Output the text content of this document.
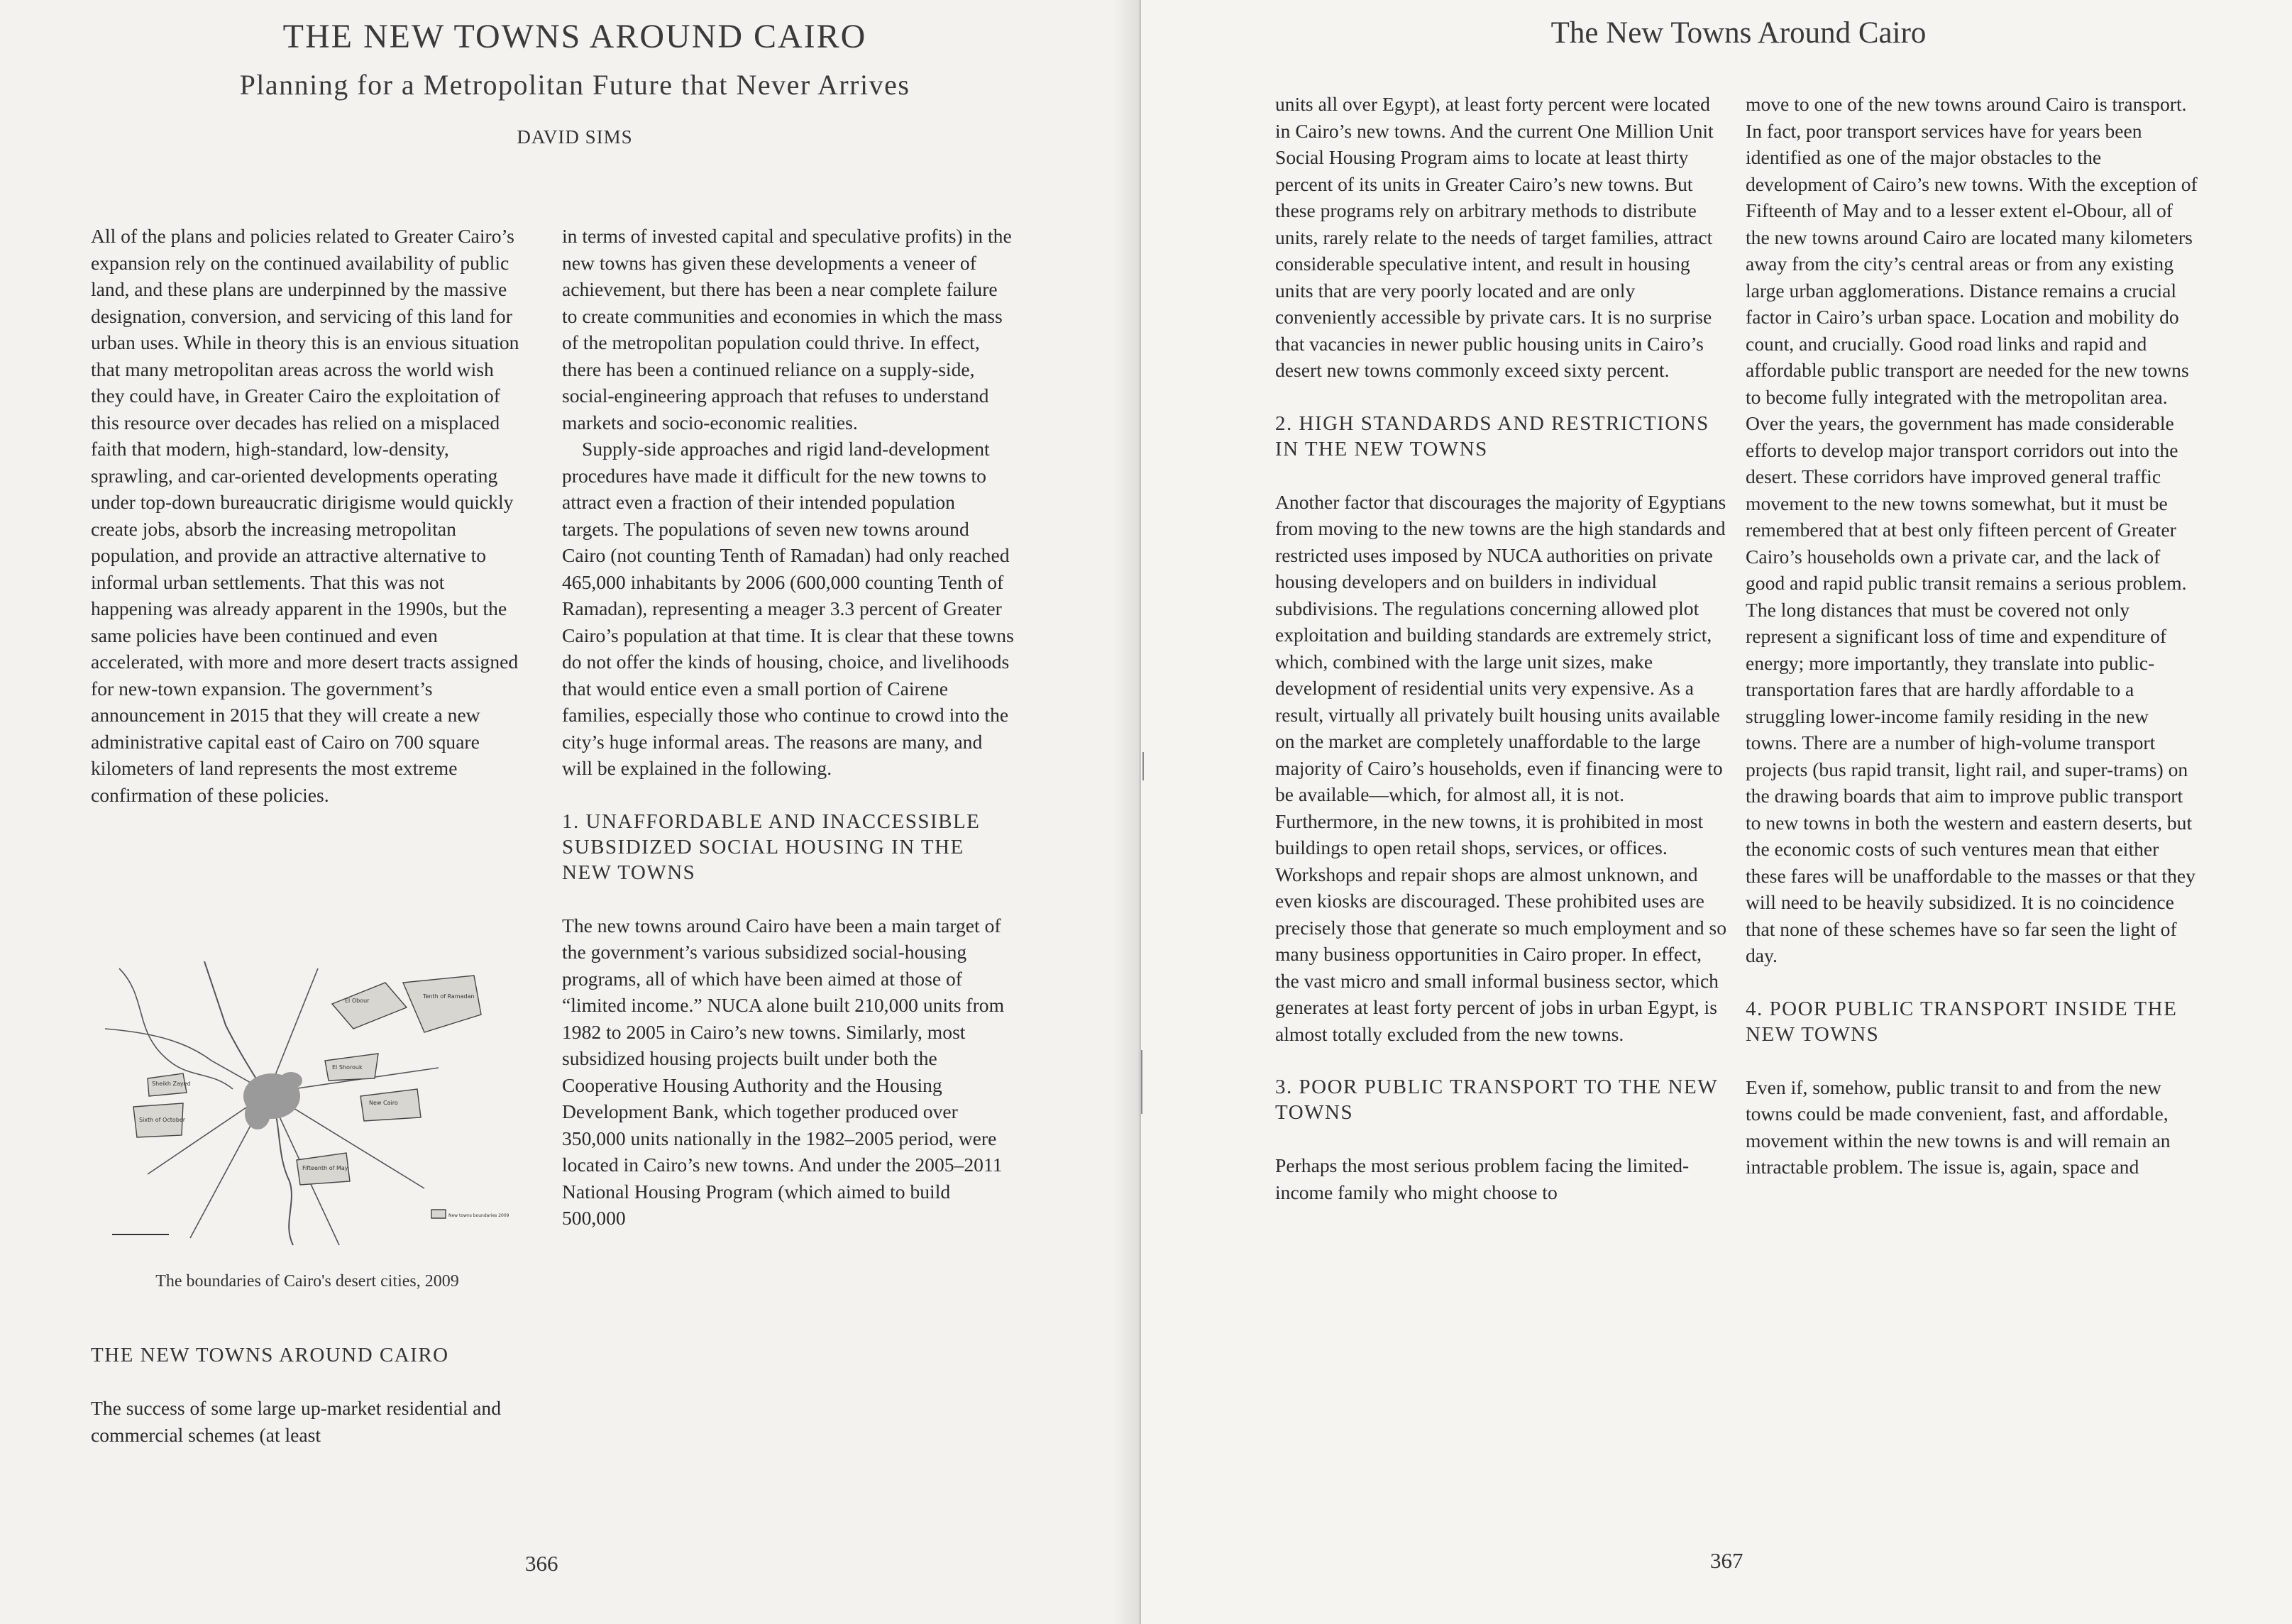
THE NEW TOWNS AROUND CAIRO
Planning for a Metropolitan Future that Never Arrives
DAVID SIMS

All of the plans and policies related to Greater Cairo’s expansion rely on the continued availability of public land, and these plans are underpinned by the massive designation, conversion, and servicing of this land for urban uses. While in theory this is an envious situation that many metropolitan areas across the world wish they could have, in Greater Cairo the exploitation of this resource over decades has relied on a misplaced faith that modern, high-standard, low-density, sprawling, and car-oriented developments operating under top-down bureaucratic dirigisme would quickly create jobs, absorb the increasing metropolitan population, and provide an attractive alternative to informal urban settlements. That this was not happening was already apparent in the 1990s, but the same policies have been continued and even accelerated, with more and more desert tracts assigned for new-town expansion. The government’s announcement in 2015 that they will create a new administrative capital east of Cairo on 700 square kilometers of land represents the most extreme confirmation of these policies.

Tenth of Ramadan
El Obour
El Shorouk
New Cairo
Sheikh Zayed
Sixth of October
Fifteenth of May
New towns boundaries 2009
The boundaries of Cairo's desert cities, 2009
THE NEW TOWNS AROUND CAIRO

The success of some large up-market residential and commercial schemes (at least

in terms of invested capital and speculative profits) in the new towns has given these developments a veneer of achievement, but there has been a near complete failure to create communities and economies in which the mass of the metropolitan population could thrive. In effect, there has been a continued reliance on a supply-side, social-engineering approach that refuses to understand markets and socio-economic realities.

Supply-side approaches and rigid land-development procedures have made it difficult for the new towns to attract even a fraction of their intended population targets. The populations of seven new towns around Cairo (not counting Tenth of Ramadan) had only reached 465,000 inhabitants by 2006 (600,000 counting Tenth of Ramadan), representing a meager 3.3 percent of Greater Cairo’s population at that time. It is clear that these towns do not offer the kinds of housing, choice, and livelihoods that would entice even a small portion of Cairene families, especially those who continue to crowd into the city’s huge informal areas. The reasons are many, and will be explained in the following.

1. UNAFFORDABLE AND INACCESSIBLE SUBSIDIZED SOCIAL HOUSING IN THE NEW TOWNS

The new towns around Cairo have been a main target of the government’s various subsidized social-housing programs, all of which have been aimed at those of “limited income.” NUCA alone built 210,000 units from 1982 to 2005 in Cairo’s new towns. Similarly, most subsidized housing projects built under both the Cooperative Housing Authority and the Housing Development Bank, which together produced over 350,000 units nationally in the 1982–2005 period, were located in Cairo’s new towns. And under the 2005–2011 National Housing Program (which aimed to build 500,000

366
The New Towns Around Cairo

units all over Egypt), at least forty percent were located in Cairo’s new towns. And the current One Million Unit Social Housing Program aims to locate at least thirty percent of its units in Greater Cairo’s new towns. But these programs rely on arbitrary methods to distribute units, rarely relate to the needs of target families, attract considerable speculative intent, and result in housing units that are very poorly located and are only conveniently accessible by private cars. It is no surprise that vacancies in newer public housing units in Cairo’s desert new towns commonly exceed sixty percent.

2. HIGH STANDARDS AND RESTRICTIONS IN THE NEW TOWNS

Another factor that discourages the majority of Egyptians from moving to the new towns are the high standards and restricted uses imposed by NUCA authorities on private housing developers and on builders in individual subdivisions. The regulations concerning allowed plot exploitation and building standards are extremely strict, which, combined with the large unit sizes, make development of residential units very expensive. As a result, virtually all privately built housing units available on the market are completely unaffordable to the large majority of Cairo’s households, even if financing were to be available—which, for almost all, it is not. Furthermore, in the new towns, it is prohibited in most buildings to open retail shops, services, or offices. Workshops and repair shops are almost unknown, and even kiosks are discouraged. These prohibited uses are precisely those that generate so much employment and so many business opportunities in Cairo proper. In effect, the vast micro and small informal business sector, which generates at least forty percent of jobs in urban Egypt, is almost totally excluded from the new towns.

3. POOR PUBLIC TRANSPORT TO THE NEW TOWNS

Perhaps the most serious problem facing the limited-income family who might choose to

move to one of the new towns around Cairo is transport. In fact, poor transport services have for years been identified as one of the major obstacles to the development of Cairo’s new towns. With the exception of Fifteenth of May and to a lesser extent el-Obour, all of the new towns around Cairo are located many kilometers away from the city’s central areas or from any existing large urban agglomerations. Distance remains a crucial factor in Cairo’s urban space. Location and mobility do count, and crucially. Good road links and rapid and affordable public transport are needed for the new towns to become fully integrated with the metropolitan area. Over the years, the government has made considerable efforts to develop major transport corridors out into the desert. These corridors have improved general traffic movement to the new towns somewhat, but it must be remembered that at best only fifteen percent of Greater Cairo’s households own a private car, and the lack of good and rapid public transit remains a serious problem. The long distances that must be covered not only represent a significant loss of time and expenditure of energy; more importantly, they translate into public-transportation fares that are hardly affordable to a struggling lower-income family residing in the new towns. There are a number of high-volume transport projects (bus rapid transit, light rail, and super-trams) on the drawing boards that aim to improve public transport to new towns in both the western and eastern deserts, but the economic costs of such ventures mean that either these fares will be unaffordable to the masses or that they will need to be heavily subsidized. It is no coincidence that none of these schemes have so far seen the light of day.

4. POOR PUBLIC TRANSPORT INSIDE THE NEW TOWNS

Even if, somehow, public transit to and from the new towns could be made convenient, fast, and affordable, movement within the new towns is and will remain an intractable problem. The issue is, again, space and

367
